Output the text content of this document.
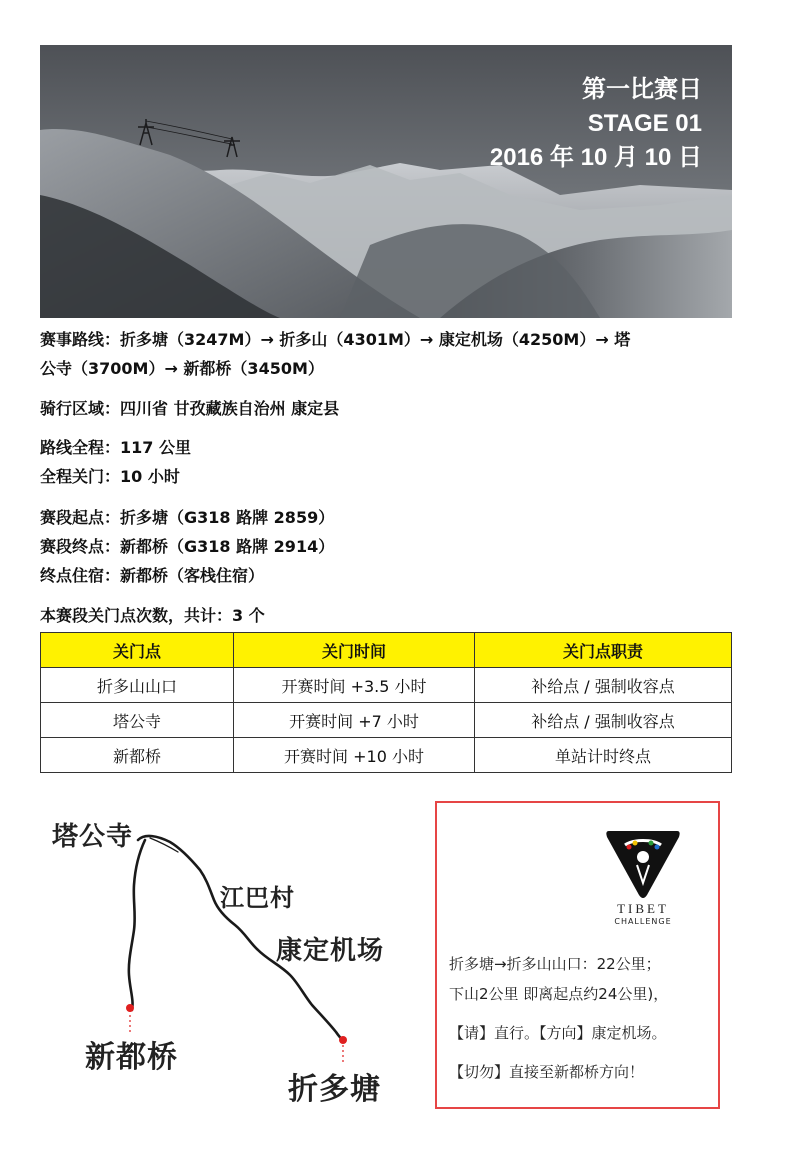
第一比赛日
STAGE 01
2016 年 10 月 10 日
赛事路线：折多塘（3247M）→ 折多山（4301M）→ 康定机场（4250M）→ 塔
公寺（3700M）→ 新都桥（3450M）
骑行区域：四川省 甘孜藏族自治州 康定县
路线全程：117 公里
全程关门：10 小时
赛段起点：折多塘（G318 路牌 2859）
赛段终点：新都桥（G318 路牌 2914）
终点住宿：新都桥（客栈住宿）
本赛段关门点次数，共计：3 个
关门点	关门时间	关门点职责
折多山山口	开赛时间 +3.5 小时	补给点 / 强制收容点
塔公寺	开赛时间 +7 小时	补给点 / 强制收容点
新都桥	开赛时间 +10 小时	单站计时终点
塔公寺
江巴村
康定机场
新都桥
折多塘
TIBET
CHALLENGE
折多塘→折多山山口：22公里；
下山2公里 即离起点约24公里)，
【请】直行。【方向】康定机场。
【切勿】直接至新都桥方向！
